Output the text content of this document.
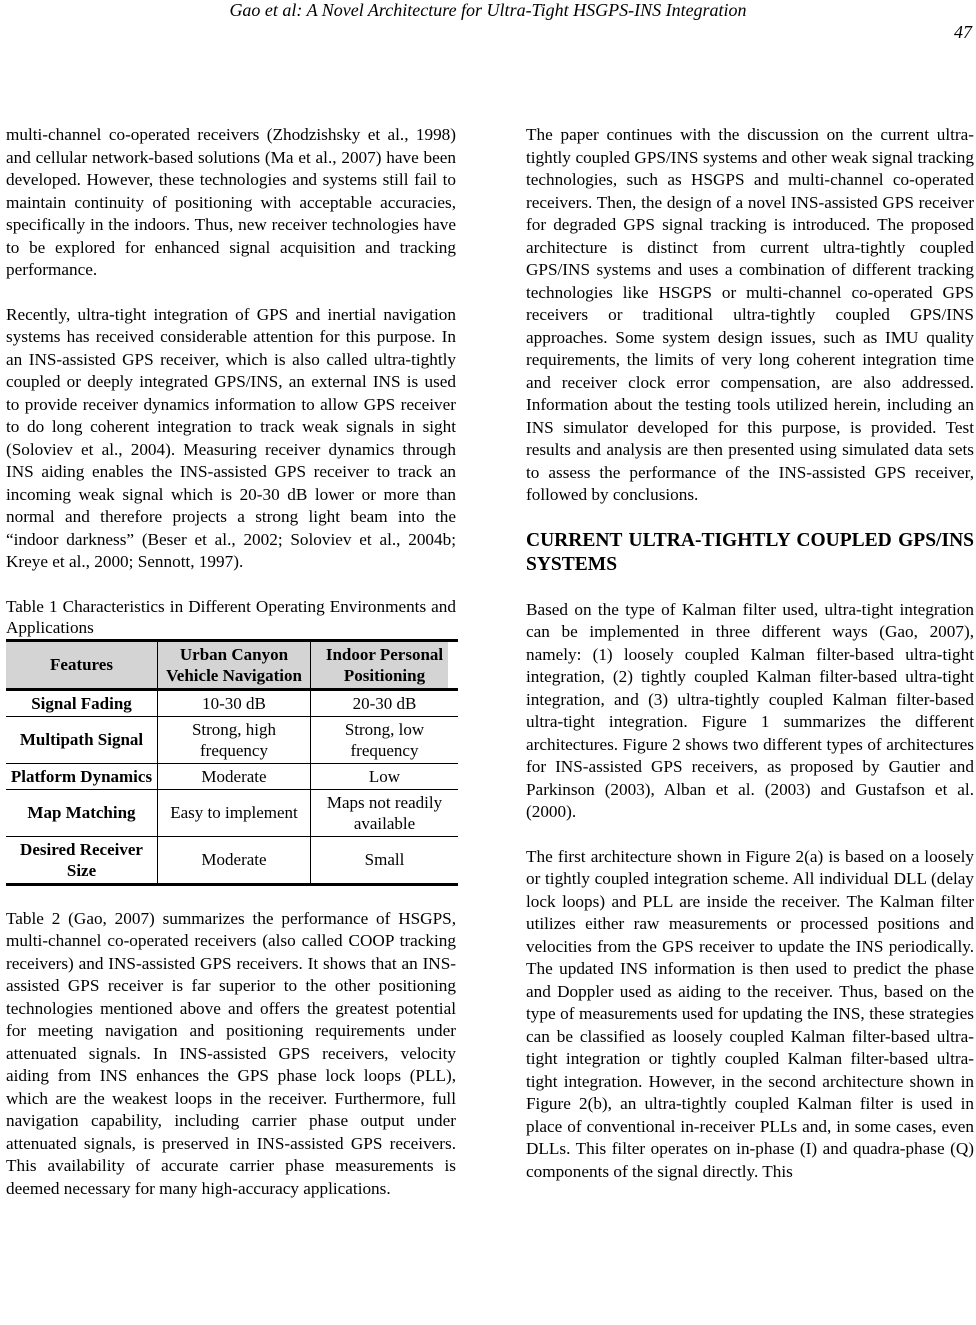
Gao et al: A Novel Architecture for Ultra-Tight HSGPS-INS Integration
47

multi-channel co-operated receivers (Zhodzishsky et al., 1998) and cellular network-based solutions (Ma et al., 2007) have been developed. However, these technologies and systems still fail to maintain continuity of positioning with acceptable accuracies, specifically in the indoors. Thus, new receiver technologies have to be explored for enhanced signal acquisition and tracking performance.

Recently, ultra-tight integration of GPS and inertial navigation systems has received considerable attention for this purpose. In an INS-assisted GPS receiver, which is also called ultra-tightly coupled or deeply integrated GPS/INS, an external INS is used to provide receiver dynamics information to allow GPS receiver to do long coherent integration to track weak signals in sight (Soloviev et al., 2004). Measuring receiver dynamics through INS aiding enables the INS-assisted GPS receiver to track an incoming weak signal which is 20-30 dB lower or more than normal and therefore projects a strong light beam into the “indoor darkness” (Beser et al., 2002; Soloviev et al., 2004b; Kreye et al., 2000; Sennott, 1997).

Table 1 Characteristics in Different Operating Environments and Applications

Features	Urban Canyon Vehicle Navigation	Indoor Personal Positioning
Signal Fading	10-30 dB	20-30 dB
Multipath Signal	Strong, high frequency	Strong, low frequency
Platform Dynamics	Moderate	Low
Map Matching	Easy to implement	Maps not readily available
Desired Receiver Size	Moderate	Small

Table 2 (Gao, 2007) summarizes the performance of HSGPS, multi-channel co-operated receivers (also called COOP tracking receivers) and INS-assisted GPS receivers. It shows that an INS-assisted GPS receiver is far superior to the other positioning technologies mentioned above and offers the greatest potential for meeting navigation and positioning requirements under attenuated signals. In INS-assisted GPS receivers, velocity aiding from INS enhances the GPS phase lock loops (PLL), which are the weakest loops in the receiver. Furthermore, full navigation capability, including carrier phase output under attenuated signals, is preserved in INS-assisted GPS receivers. This availability of accurate carrier phase measurements is deemed necessary for many high-accuracy applications.

The paper continues with the discussion on the current ultra-tightly coupled GPS/INS systems and other weak signal tracking technologies, such as HSGPS and multi-channel co-operated receivers. Then, the design of a novel INS-assisted GPS receiver for degraded GPS signal tracking is introduced. The proposed architecture is distinct from current ultra-tightly coupled GPS/INS systems and uses a combination of different tracking technologies like HSGPS or multi-channel co-operated GPS receivers or traditional ultra-tightly coupled GPS/INS approaches. Some system design issues, such as IMU quality requirements, the limits of very long coherent integration time and receiver clock error compensation, are also addressed. Information about the testing tools utilized herein, including an INS simulator developed for this purpose, is provided. Test results and analysis are then presented using simulated data sets to assess the performance of the INS-assisted GPS receiver, followed by conclusions.

CURRENT ULTRA-TIGHTLY COUPLED GPS/INS SYSTEMS

Based on the type of Kalman filter used, ultra-tight integration can be implemented in three different ways (Gao, 2007), namely: (1) loosely coupled Kalman filter-based ultra-tight integration, (2) tightly coupled Kalman filter-based ultra-tight integration, and (3) ultra-tightly coupled Kalman filter-based ultra-tight integration. Figure 1 summarizes the different architectures. Figure 2 shows two different types of architectures for INS-assisted GPS receivers, as proposed by Gautier and Parkinson (2003), Alban et al. (2003) and Gustafson et al. (2000).

The first architecture shown in Figure 2(a) is based on a loosely or tightly coupled integration scheme. All individual DLL (delay lock loops) and PLL are inside the receiver. The Kalman filter utilizes either raw measurements or processed positions and velocities from the GPS receiver to update the INS periodically. The updated INS information is then used to predict the phase and Doppler used as aiding to the receiver. Thus, based on the type of measurements used for updating the INS, these strategies can be classified as loosely coupled Kalman filter-based ultra-tight integration or tightly coupled Kalman filter-based ultra-tight integration. However, in the second architecture shown in Figure 2(b), an ultra-tightly coupled Kalman filter is used in place of conventional in-receiver PLLs and, in some cases, even DLLs. This filter operates on in-phase (I) and quadra-phase (Q) components of the signal directly. This
